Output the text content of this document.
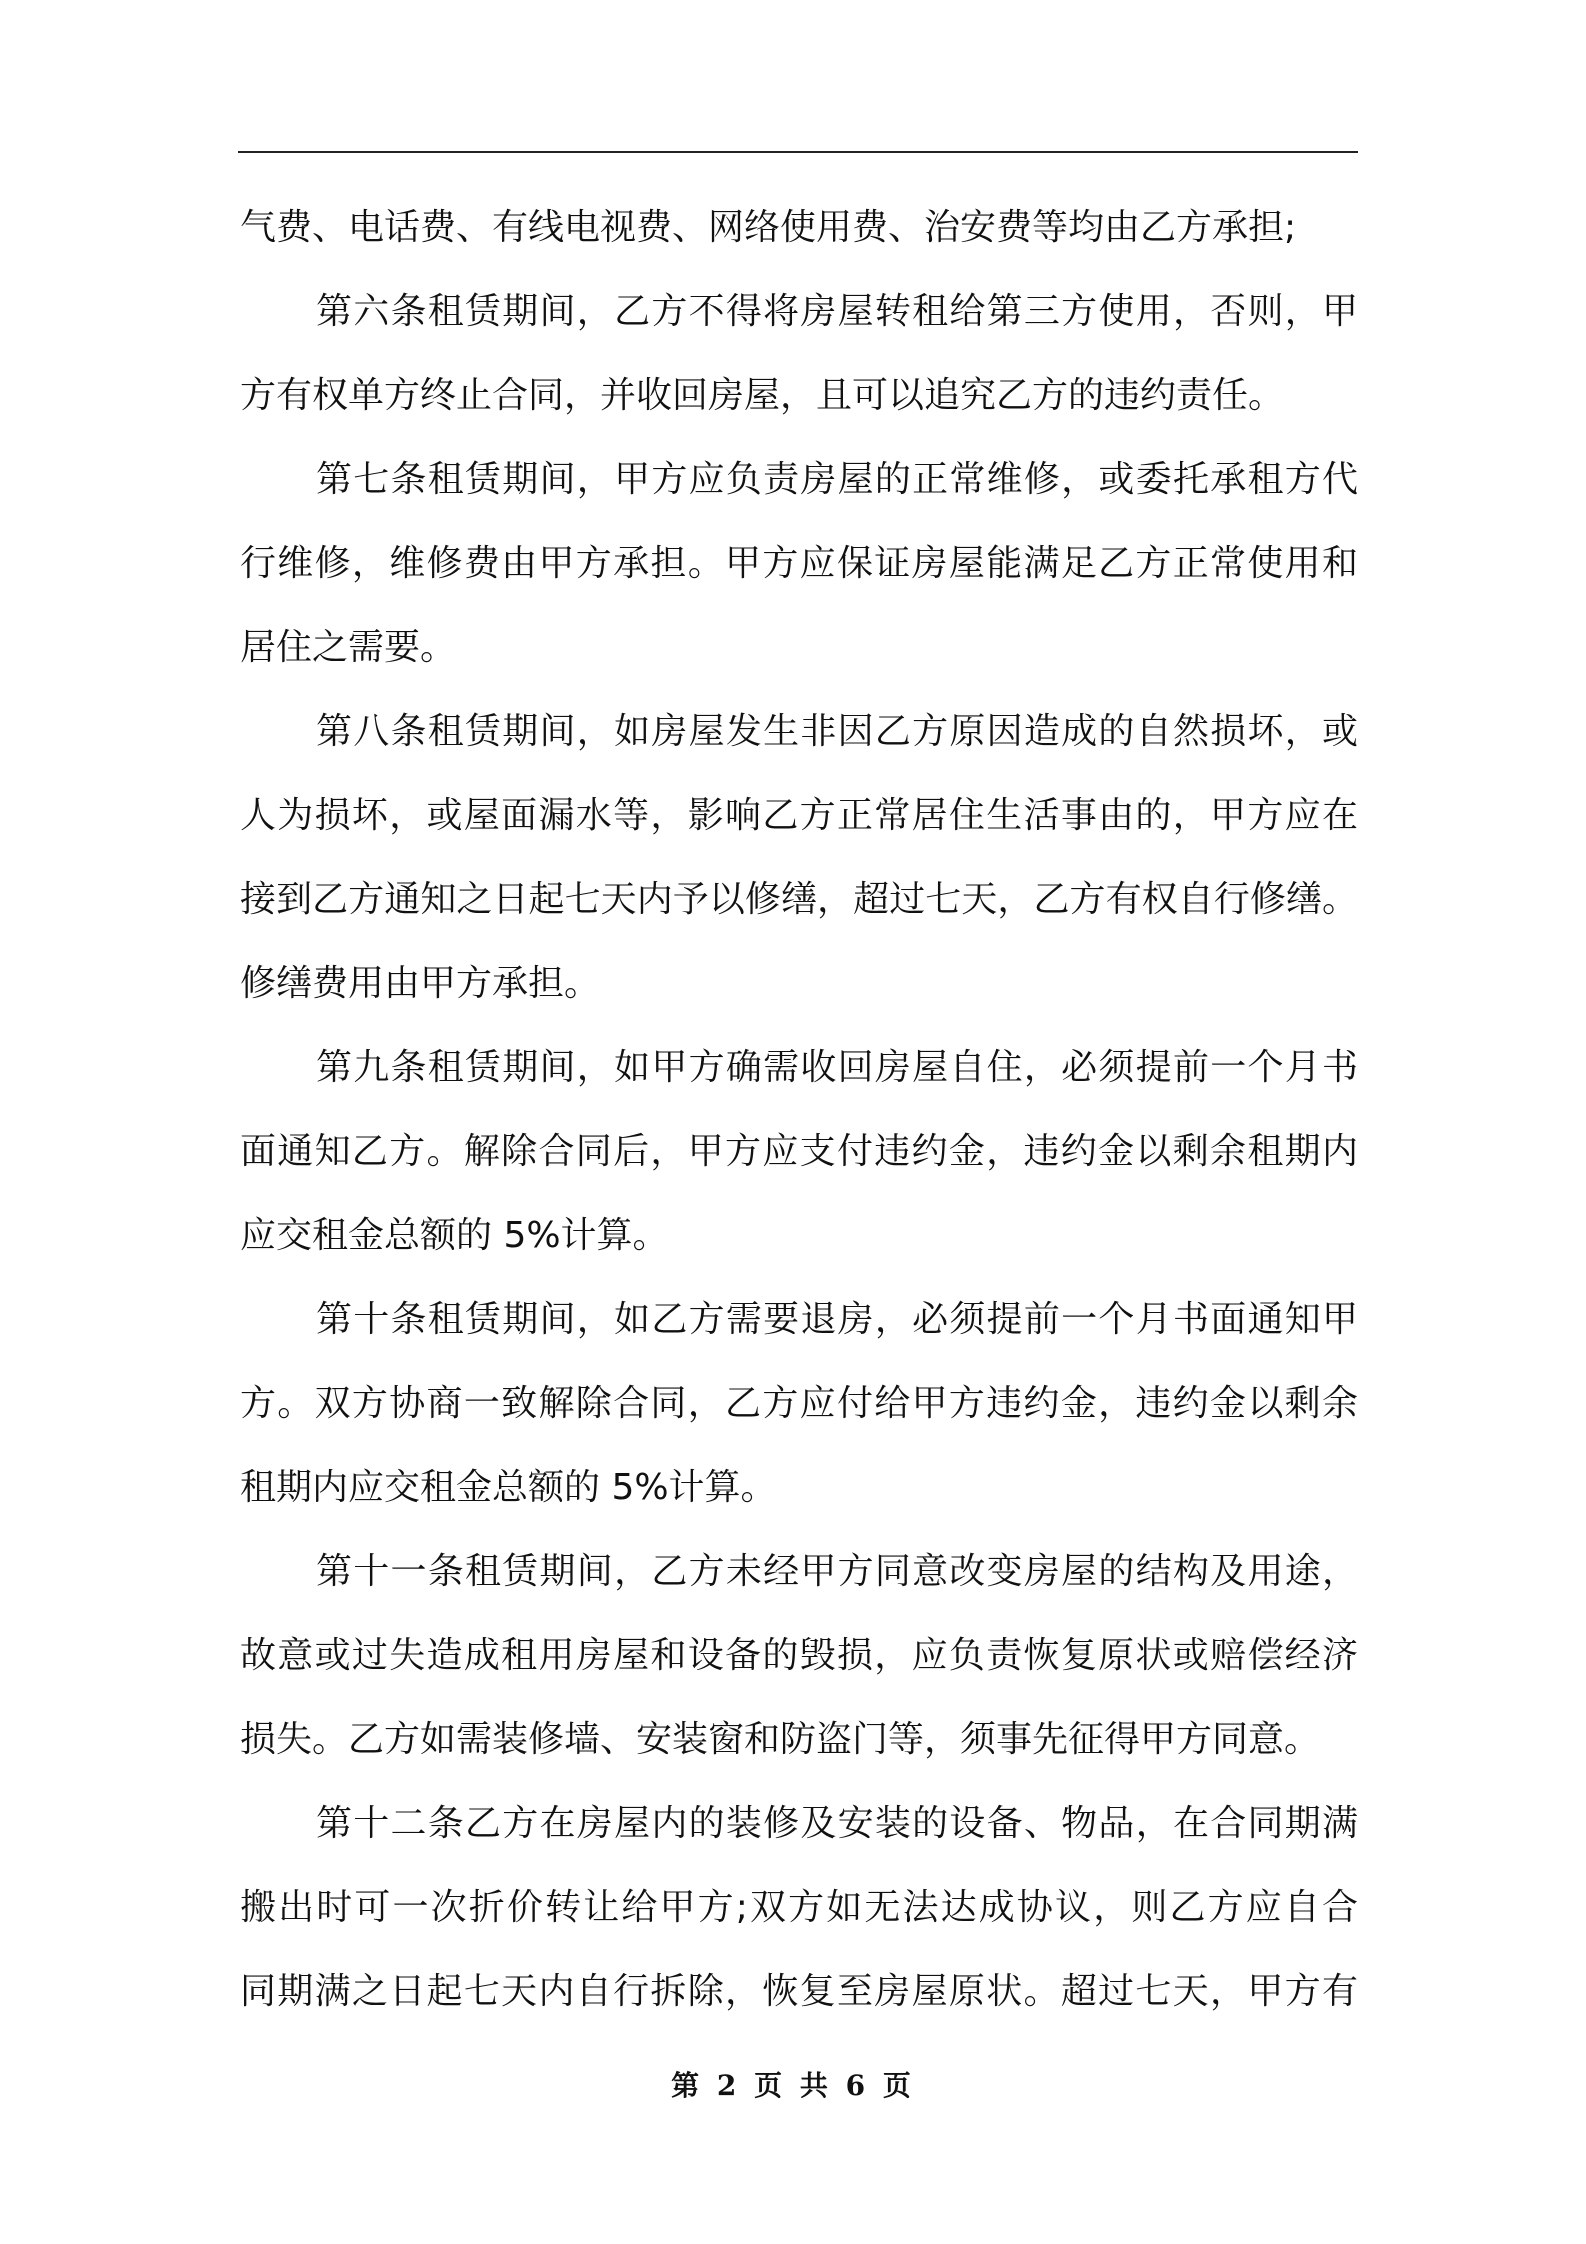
气费、电话费、有线电视费、网络使用费、治安费等均由乙方承担;
第六条租赁期间，乙方不得将房屋转租给第三方使用，否则，甲
方有权单方终止合同，并收回房屋，且可以追究乙方的违约责任。
第七条租赁期间，甲方应负责房屋的正常维修，或委托承租方代
行维修，维修费由甲方承担。甲方应保证房屋能满足乙方正常使用和
居住之需要。
第八条租赁期间，如房屋发生非因乙方原因造成的自然损坏，或
人为损坏，或屋面漏水等，影响乙方正常居住生活事由的，甲方应在
接到乙方通知之日起七天内予以修缮，超过七天，乙方有权自行修缮。
修缮费用由甲方承担。
第九条租赁期间，如甲方确需收回房屋自住，必须提前一个月书
面通知乙方。解除合同后，甲方应支付违约金，违约金以剩余租期内
应交租金总额的 5%计算。
第十条租赁期间，如乙方需要退房，必须提前一个月书面通知甲
方。双方协商一致解除合同，乙方应付给甲方违约金，违约金以剩余
租期内应交租金总额的 5%计算。
第十一条租赁期间，乙方未经甲方同意改变房屋的结构及用途，
故意或过失造成租用房屋和设备的毁损，应负责恢复原状或赔偿经济
损失。乙方如需装修墙、安装窗和防盗门等，须事先征得甲方同意。
第十二条乙方在房屋内的装修及安装的设备、物品，在合同期满
搬出时可一次折价转让给甲方;双方如无法达成协议，则乙方应自合
同期满之日起七天内自行拆除，恢复至房屋原状。超过七天，甲方有
第 2 页 共 6 页
